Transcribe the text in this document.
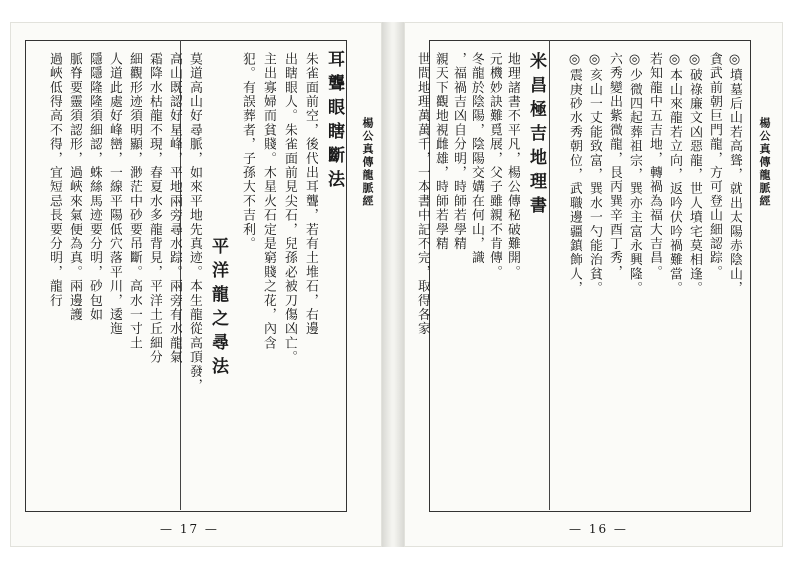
耳聾眼瞎斷法
朱雀面前空，後代出耳聾，若有土堆石，右邊
出瞎眼人。朱雀面前見尖石，兒孫必被刀傷凶亡。
主出寡婦而貧賤。木星火石定是窮賤之花，內含
犯。有誤葬者，子孫大不吉利。
平洋龍之尋法
莫道高山好尋脈，如來平地先真迹。本生龍從高頂發，
高山既認好星峰，平地兩旁尋水踪。兩旁有水龍氣
霜降水枯龍不現，春夏水多龍背見，平洋土丘細分
細觀形迹須明顯，渺茫中砂要吊斷。高水一寸土
人道此處好峰巒，一線平陽低穴落平川，逶迤
隱隱隆隆須細認，蛛絲馬迹要分明，砂包如
脈脊要靈須認形，過峽來氣便為真。兩邊護
過峽低得高不得，宜短忌長要分明，龍行	楊公真傳龍脈經
— 17 —
楊公真傳龍脈經
◎墳墓后山若高聳，就出太陽赤陰山，
貪武前朝巨門龍，方可登山細認踪。
◎破祿廉文凶惡龍，世人墳宅莫相逢。
◎本山來龍若立向，返吟伏吟禍難當。
若知龍中五吉地，轉禍為福大吉昌。
◎少微四起葬祖宗，巽亦主富永興隆。
六秀變出紫微龍，艮丙巽辛酉丁秀，
◎亥山一丈能致富，巽水一勺能治貧。
◎震庚砂水秀朝位，武職邊疆鎮飾人，
米昌極吉地理書
地理諸書不平凡，楊公傳秘破難開。
元機妙訣難覓展，父子雖親不肯傳。
冬龍於陰陽，陰陽交媾在何山，識
，福禍吉凶自分明，時師若學精
親天下觀地視雌雄，時師若學精
世間地理萬萬千，一本書中記不完，取得各家
— 16 —
